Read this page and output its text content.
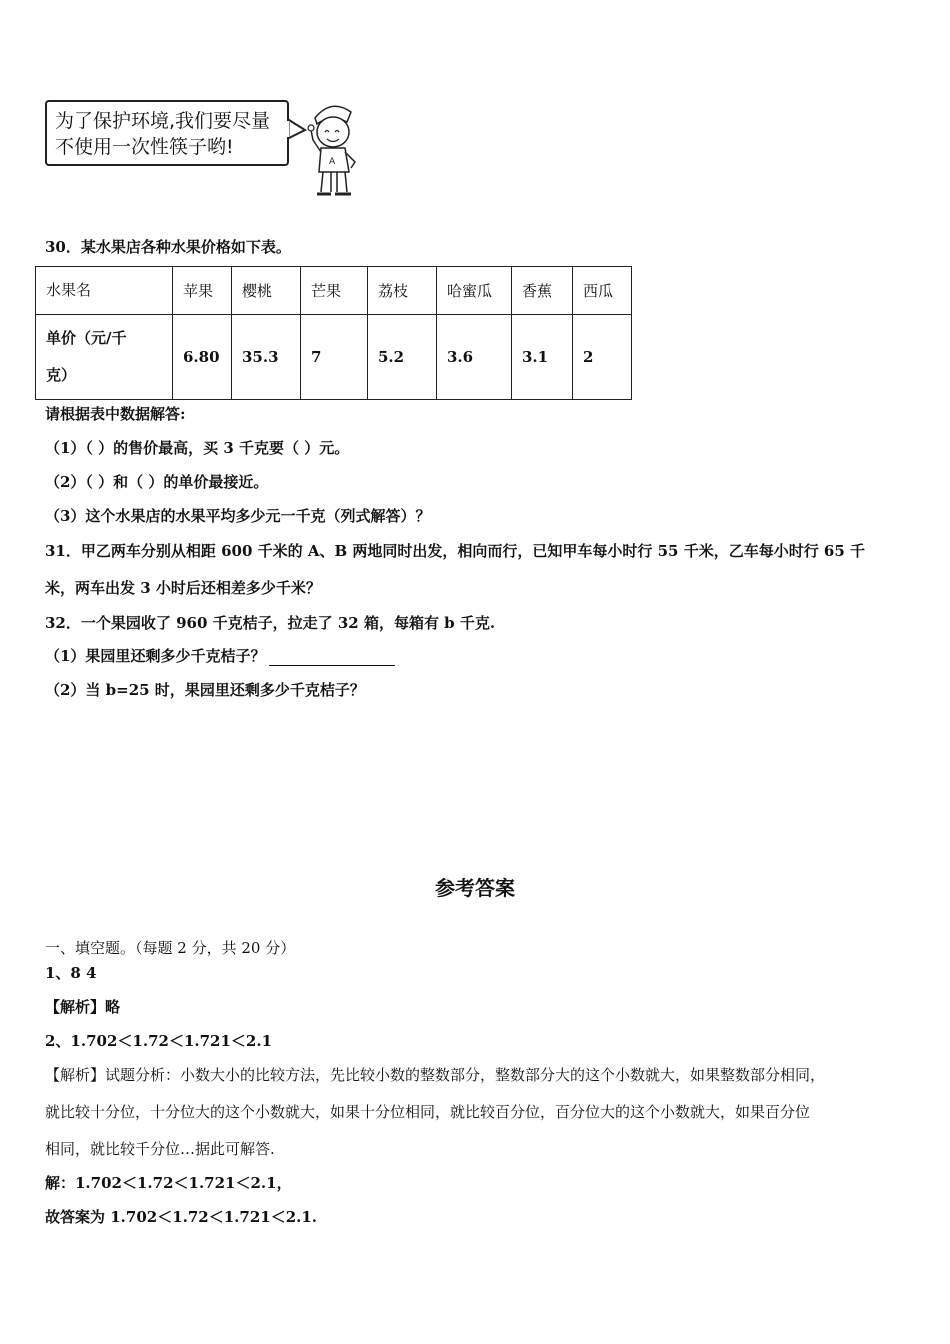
为了保护环境,我们要尽量
不使用一次性筷子哟!
A
30．某水果店各种水果价格如下表。
水果名	苹果	樱桃	芒果	荔枝	哈蜜瓜	香蕉	西瓜

单价（元/千
克）	6.80	35.3	7	5.2	3.6	3.1	2
请根据表中数据解答:
（1）（ ）的售价最高，买 3 千克要（ ）元。
（2）（ ）和（ ）的单价最接近。
（3）这个水果店的水果平均多少元一千克（列式解答）？
31．甲乙两车分别从相距 600 千米的 A、B 两地同时出发，相向而行，已知甲车每小时行 55 千米，乙车每小时行 65 千
米，两车出发 3 小时后还相差多少千米？
32．一个果园收了 960 千克桔子，拉走了 32 箱，每箱有 b 千克.
（1）果园里还剩多少千克桔子？
（2）当 b=25 时，果园里还剩多少千克桔子？
参考答案
一、填空题。（每题 2 分，共 20 分）
1、8 4
【解析】略
2、1.702＜1.72＜1.721＜2.1
【解析】试题分析：小数大小的比较方法，先比较小数的整数部分，整数部分大的这个小数就大，如果整数部分相同，
就比较十分位，十分位大的这个小数就大，如果十分位相同，就比较百分位，百分位大的这个小数就大，如果百分位
相同，就比较千分位…据此可解答.
解：1.702＜1.72＜1.721＜2.1，
故答案为 1.702＜1.72＜1.721＜2.1.
